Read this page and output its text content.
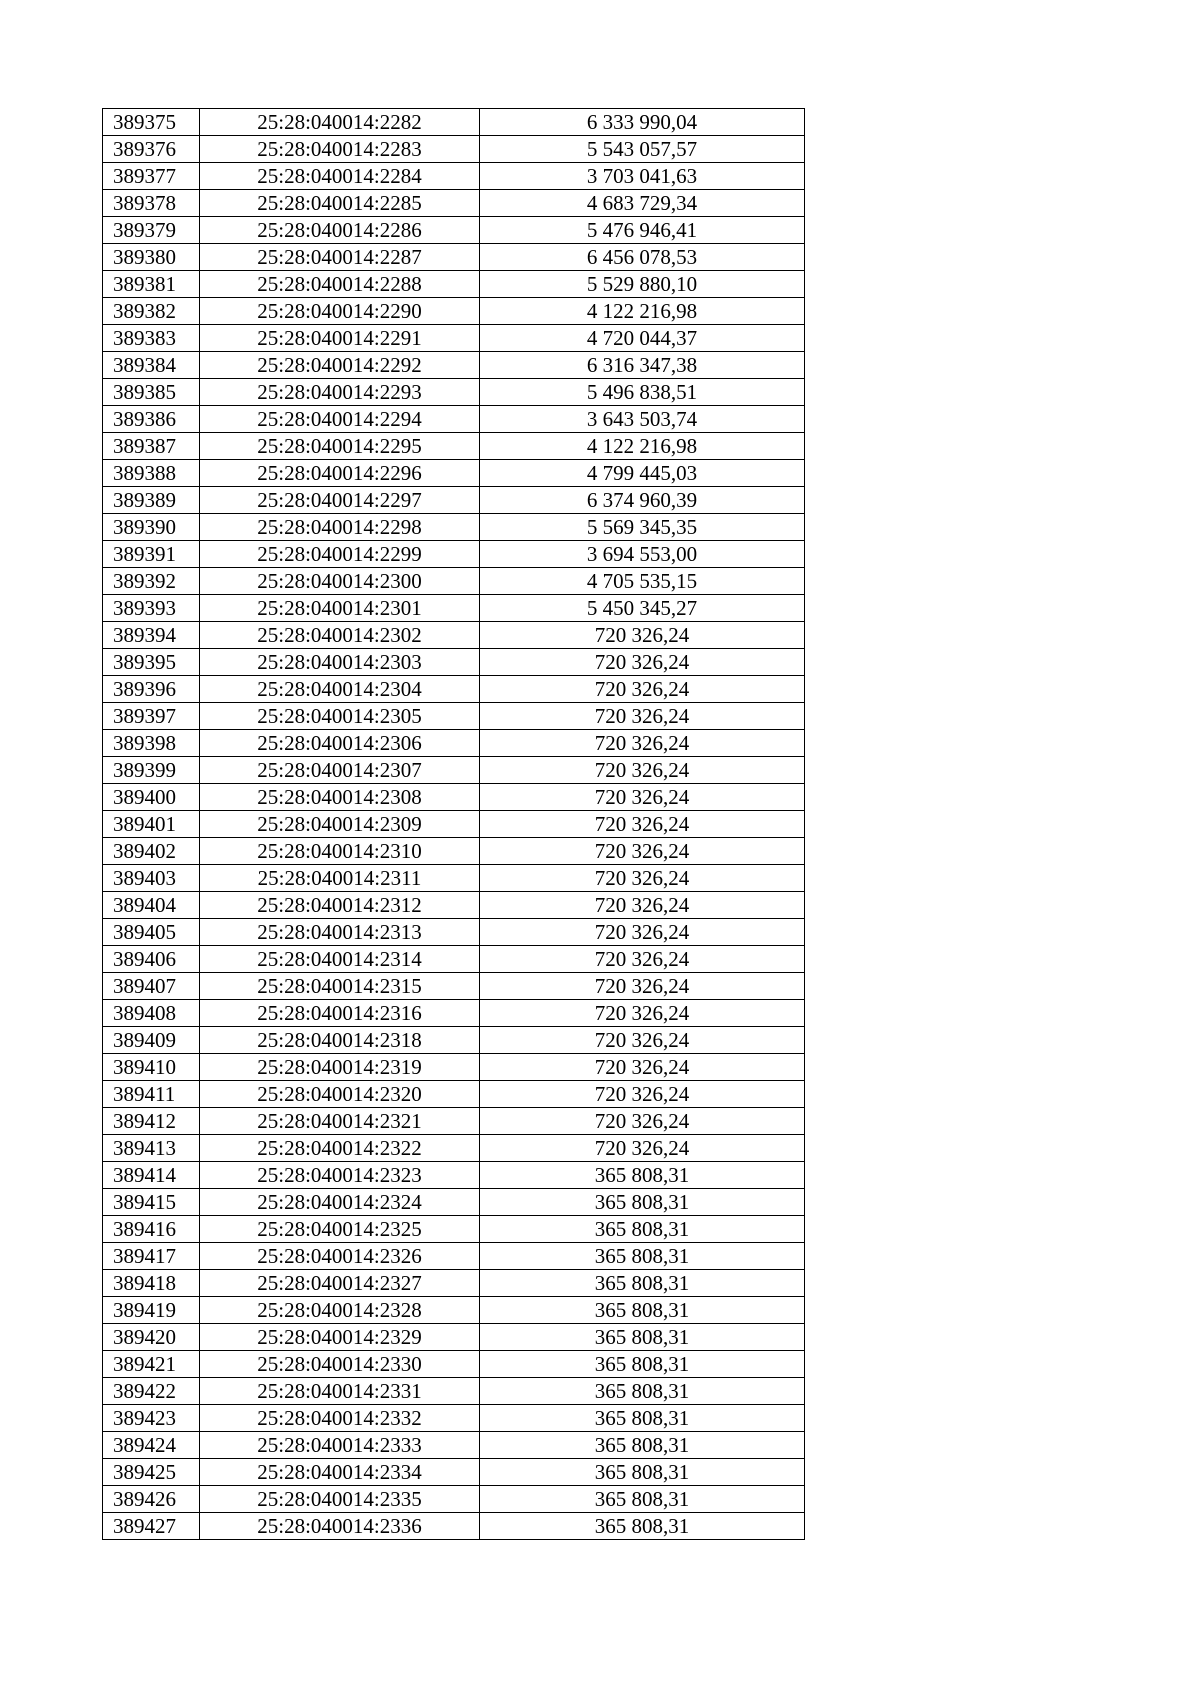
389375	25:28:040014:2282	6 333 990,04
389376	25:28:040014:2283	5 543 057,57
389377	25:28:040014:2284	3 703 041,63
389378	25:28:040014:2285	4 683 729,34
389379	25:28:040014:2286	5 476 946,41
389380	25:28:040014:2287	6 456 078,53
389381	25:28:040014:2288	5 529 880,10
389382	25:28:040014:2290	4 122 216,98
389383	25:28:040014:2291	4 720 044,37
389384	25:28:040014:2292	6 316 347,38
389385	25:28:040014:2293	5 496 838,51
389386	25:28:040014:2294	3 643 503,74
389387	25:28:040014:2295	4 122 216,98
389388	25:28:040014:2296	4 799 445,03
389389	25:28:040014:2297	6 374 960,39
389390	25:28:040014:2298	5 569 345,35
389391	25:28:040014:2299	3 694 553,00
389392	25:28:040014:2300	4 705 535,15
389393	25:28:040014:2301	5 450 345,27
389394	25:28:040014:2302	720 326,24
389395	25:28:040014:2303	720 326,24
389396	25:28:040014:2304	720 326,24
389397	25:28:040014:2305	720 326,24
389398	25:28:040014:2306	720 326,24
389399	25:28:040014:2307	720 326,24
389400	25:28:040014:2308	720 326,24
389401	25:28:040014:2309	720 326,24
389402	25:28:040014:2310	720 326,24
389403	25:28:040014:2311	720 326,24
389404	25:28:040014:2312	720 326,24
389405	25:28:040014:2313	720 326,24
389406	25:28:040014:2314	720 326,24
389407	25:28:040014:2315	720 326,24
389408	25:28:040014:2316	720 326,24
389409	25:28:040014:2318	720 326,24
389410	25:28:040014:2319	720 326,24
389411	25:28:040014:2320	720 326,24
389412	25:28:040014:2321	720 326,24
389413	25:28:040014:2322	720 326,24
389414	25:28:040014:2323	365 808,31
389415	25:28:040014:2324	365 808,31
389416	25:28:040014:2325	365 808,31
389417	25:28:040014:2326	365 808,31
389418	25:28:040014:2327	365 808,31
389419	25:28:040014:2328	365 808,31
389420	25:28:040014:2329	365 808,31
389421	25:28:040014:2330	365 808,31
389422	25:28:040014:2331	365 808,31
389423	25:28:040014:2332	365 808,31
389424	25:28:040014:2333	365 808,31
389425	25:28:040014:2334	365 808,31
389426	25:28:040014:2335	365 808,31
389427	25:28:040014:2336	365 808,31
